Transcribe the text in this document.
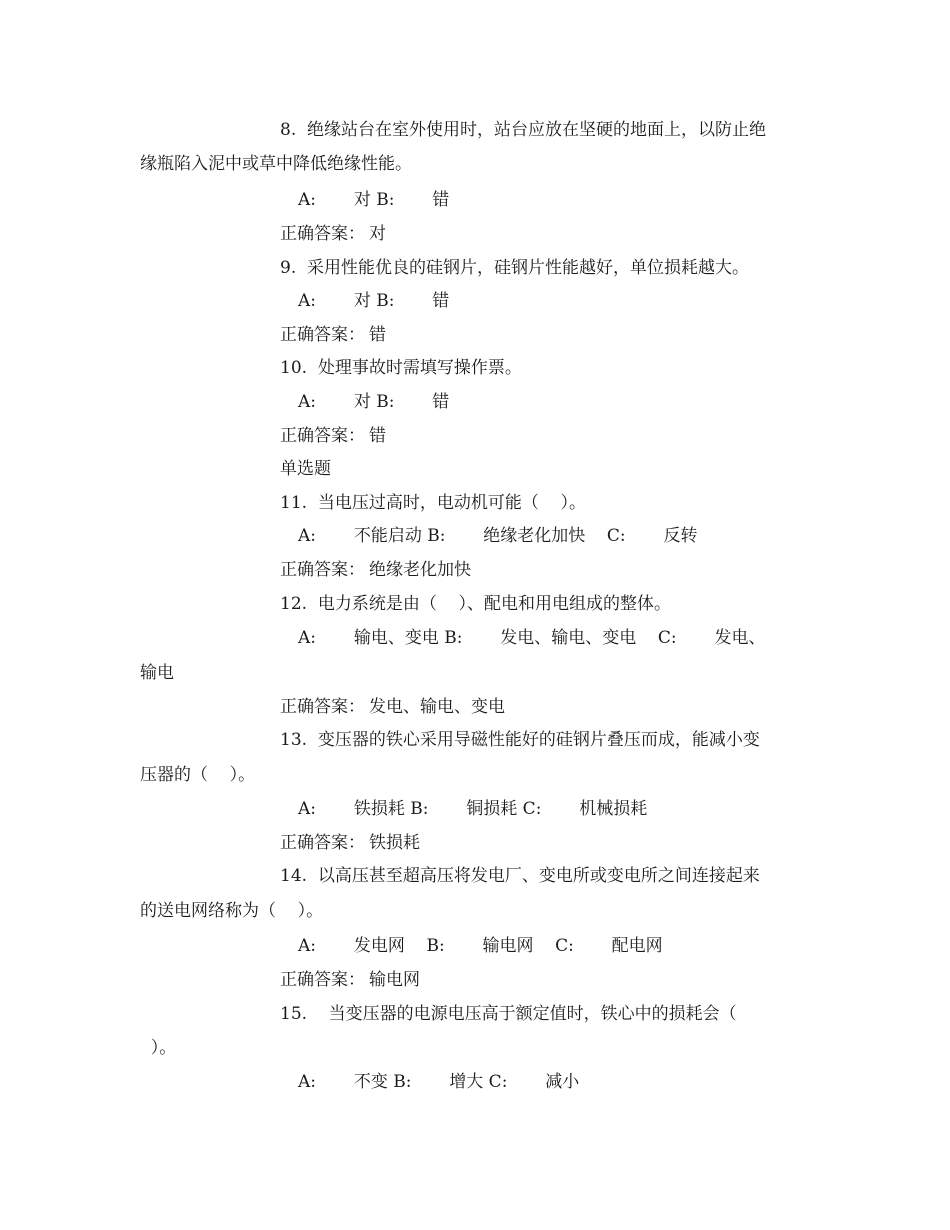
8.  绝缘站台在室外使用时，站台应放在坚硬的地面上，以防止绝

缘瓶陷入泥中或草中降低绝缘性能。

A:       对 B:       错

正确答案： 对

9.  采用性能优良的硅钢片，硅钢片性能越好，单位损耗越大。

A:       对 B:       错

正确答案： 错

10.  处理事故时需填写操作票。

A:       对 B:       错

正确答案： 错

单选题

11.  当电压过高时，电动机可能（    ）。

A:       不能启动 B:       绝缘老化加快    C:       反转

正确答案： 绝缘老化加快

12.  电力系统是由（    ）、配电和用电组成的整体。

A:       输电、变电 B:       发电、输电、变电    C:       发电、

输电

正确答案： 发电、输电、变电

13.  变压器的铁心采用导磁性能好的硅钢片叠压而成，能减小变

压器的（    ）。

A:       铁损耗 B:       铜损耗 C:       机械损耗

正确答案： 铁损耗

14.  以高压甚至超高压将发电厂、变电所或变电所之间连接起来

的送电网络称为（    ）。

A:       发电网    B:       输电网    C:       配电网

正确答案： 输电网

15.    当变压器的电源电压高于额定值时，铁心中的损耗会（

）。

A:       不变 B:       增大 C:       减小
